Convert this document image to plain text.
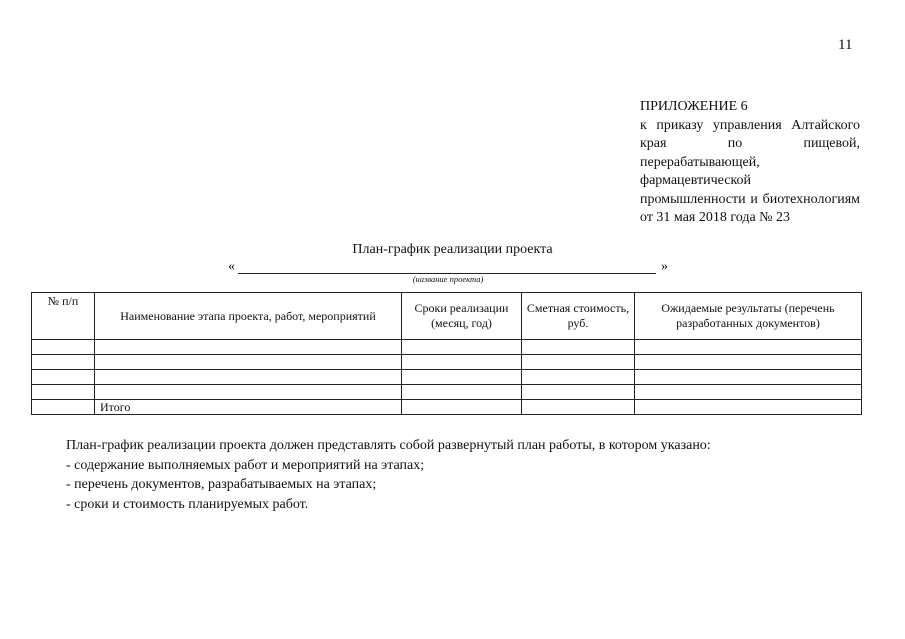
11
ПРИЛОЖЕНИЕ 6
к приказу управления Алтайского края по пищевой, перерабатывающей, фармацевтической промышленности и биотехнологиям от 31 мая 2018 года № 23
План-график реализации проекта
«	»
(название проекта)
№ п/п	Наименование этапа проекта, работ, мероприятий	Сроки реализации (месяц, год)	Сметная стоимость, руб.	Ожидаемые результаты (перечень разработанных документов)

	Итого			

План-график реализации проекта должен представлять собой развернутый план работы, в котором указано:

- содержание выполняемых работ и мероприятий на этапах;

- перечень документов, разрабатываемых на этапах;

- сроки и стоимость планируемых работ.
